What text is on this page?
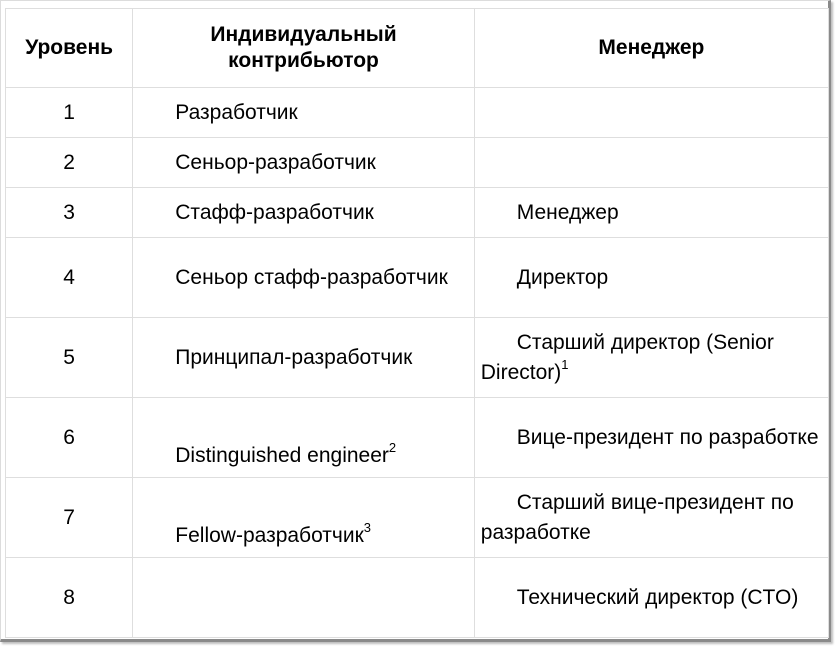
Уровень	Индивидуальный контрибьютор	Менеджер
1	Разработчик	
2	Сеньор-разработчик	
3	Стафф-разработчик	Менеджер
4	Сеньор стафф-разработчик	Директор
5	Принципал-разработчик	Старший директор (Senior Director)$^1$
6	Distinguished engineer$^2$	Вице-президент по разработке
7	Fellow-разработчик$^3$	Старший вице-президент по разработке
8		Технический директор (CTO)
